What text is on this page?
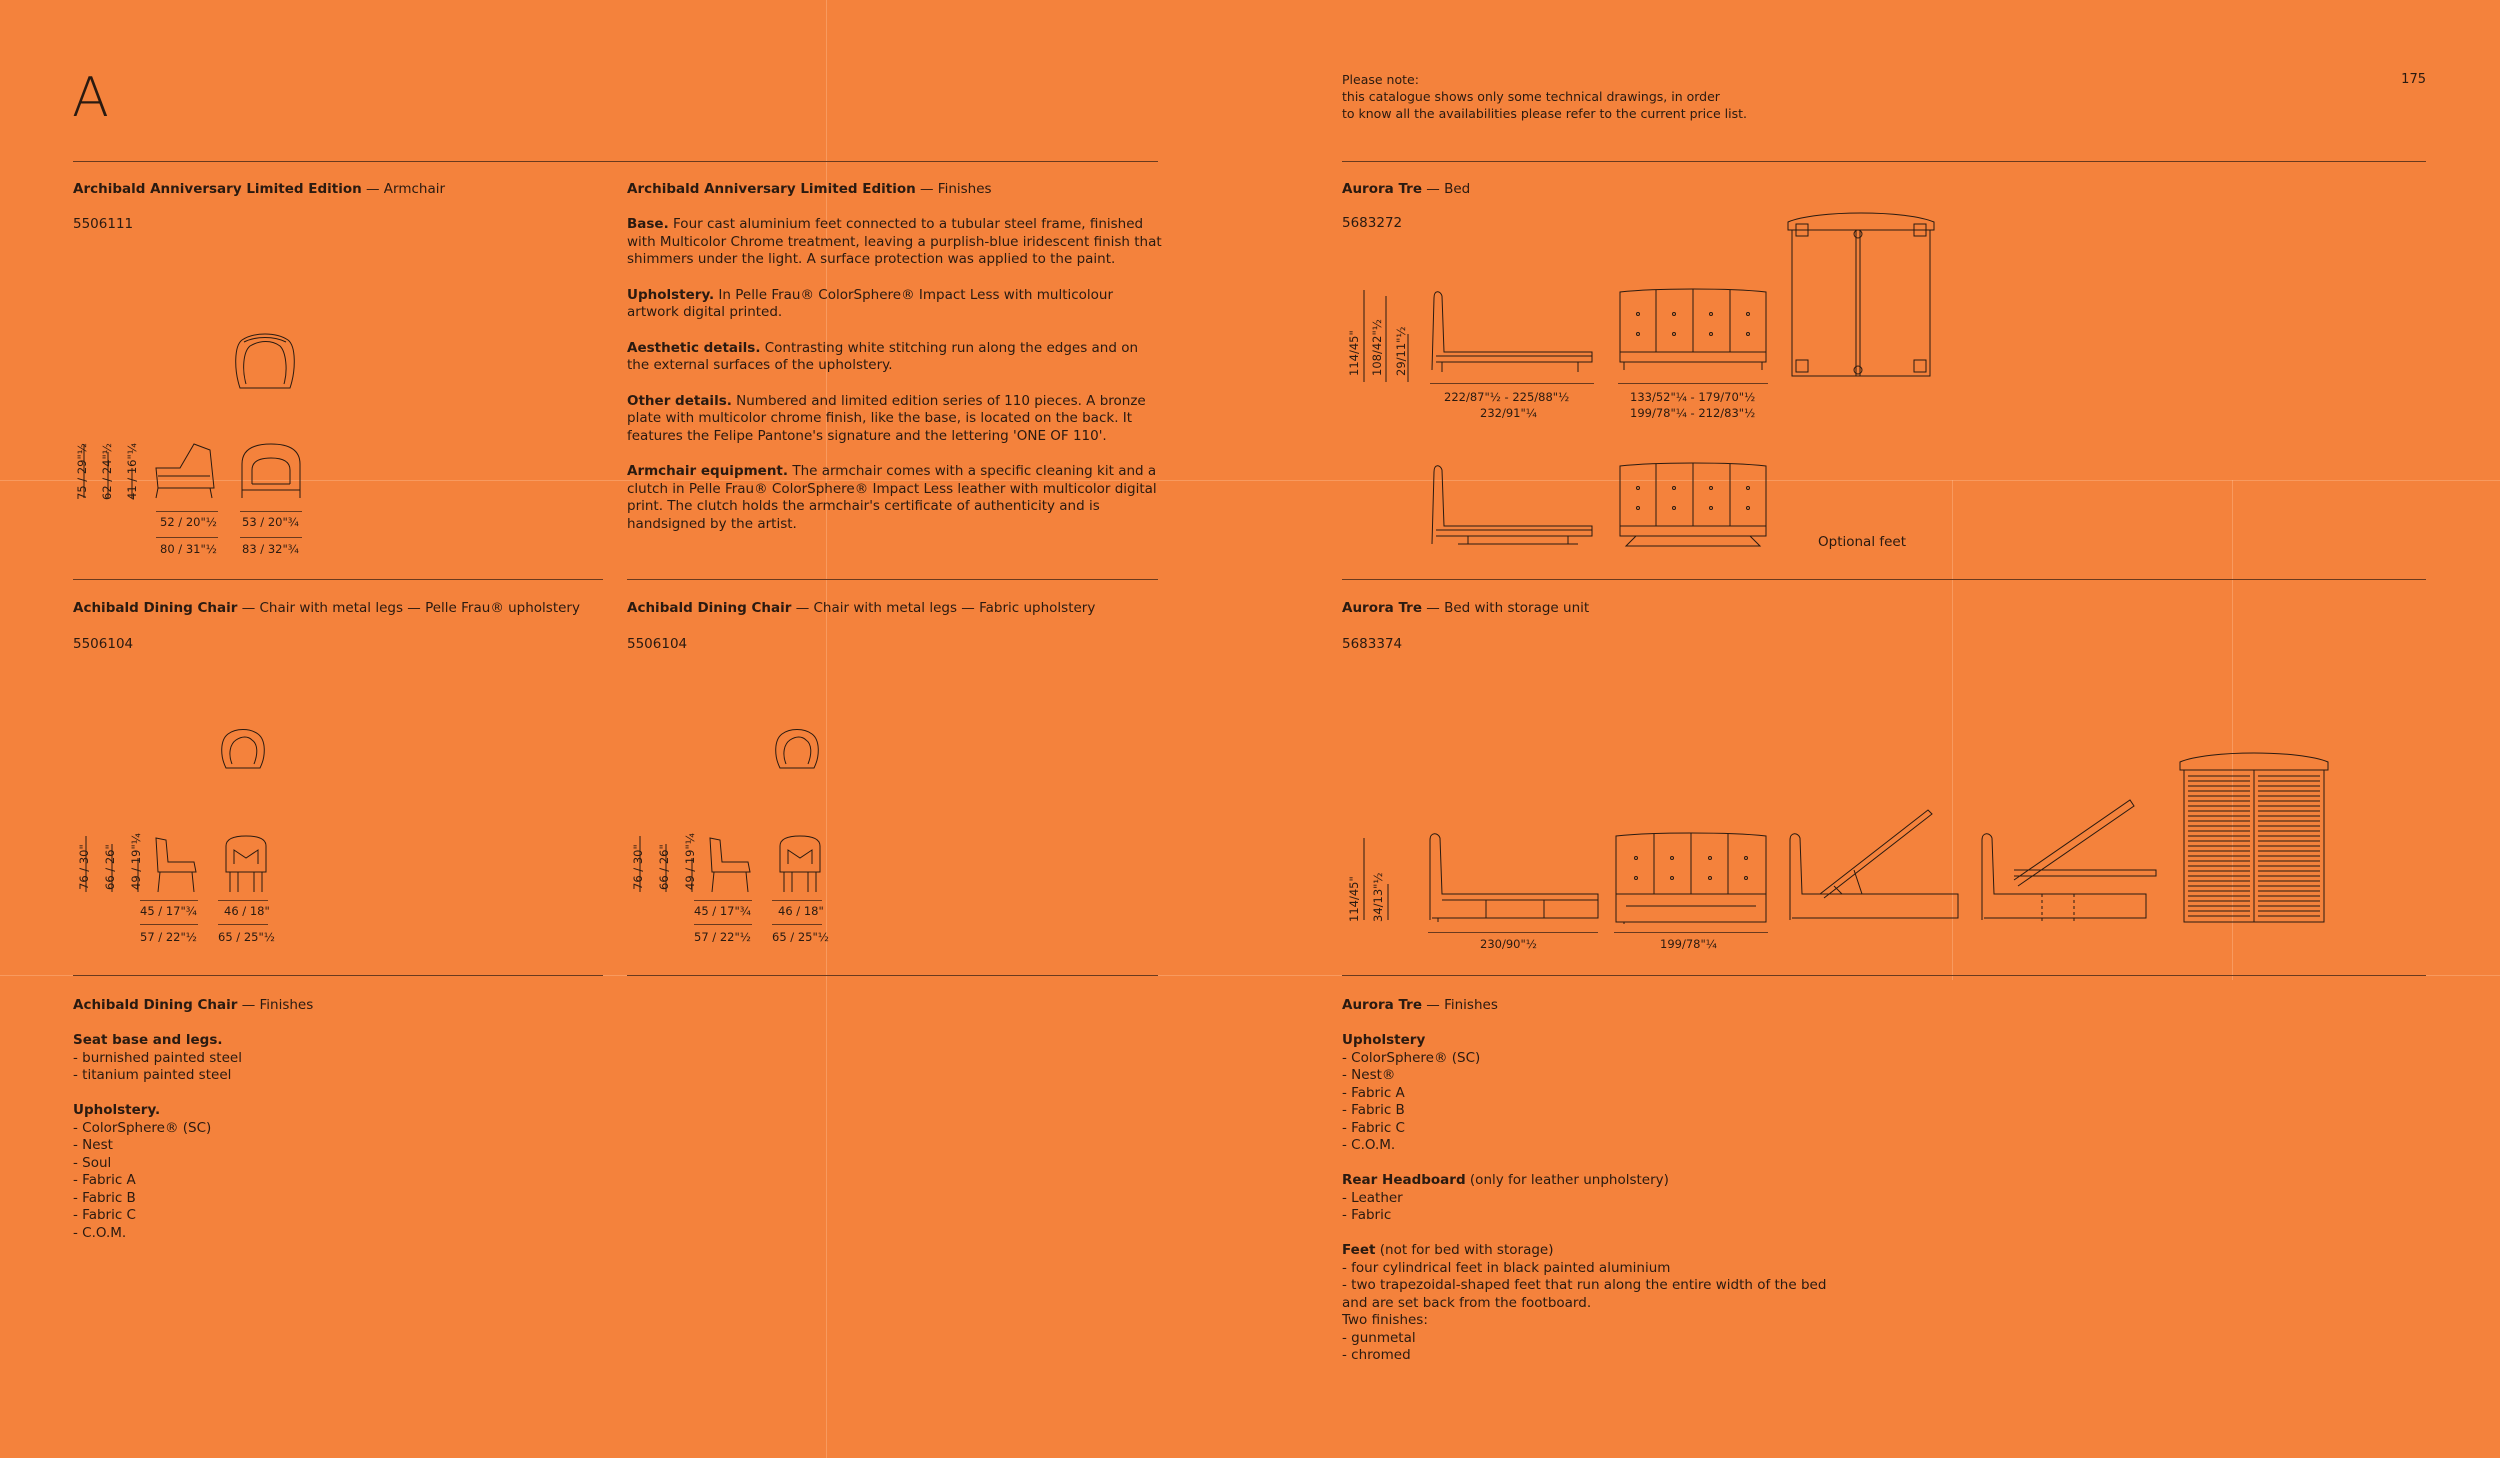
A	Please note:
this catalogue shows only some technical drawings, in order
to know all the availabilities please refer to the current price list.
175
Archibald Anniversary Limited Edition — Armchair
5506111
75 / 29"½ 62 / 24"½ 41 / 16"¼
52 / 20"½ 53 / 20"¾
80 / 31"½ 83 / 32"¾
Archibald Anniversary Limited Edition — Finishes

Base. Four cast aluminium feet connected to a tubular steel frame, finished with Multicolor Chrome treatment, leaving a purplish-blue iridescent finish that shimmers under the light. A surface protection was applied to the paint.

Upholstery. In Pelle Frau® ColorSphere® Impact Less with multicolour artwork digital printed.

Aesthetic details. Contrasting white stitching run along the edges and on the external surfaces of the upholstery.

Other details. Numbered and limited edition series of 110 pieces. A bronze plate with multicolor chrome finish, like the base, is located on the back. It features the Felipe Pantone's signature and the lettering 'ONE OF 110'.

Armchair equipment. The armchair comes with a specific cleaning kit and a clutch in Pelle Frau® ColorSphere® Impact Less leather with multicolor digital print. The clutch holds the armchair's certificate of authenticity and is handsigned by the artist.

Achibald Dining Chair — Chair with metal legs — Pelle Frau® upholstery
5506104
76 / 30" 66 / 26" 49 / 19"¼
45 / 17"¾ 46 / 18"
57 / 22"½ 65 / 25"½
Achibald Dining Chair — Chair with metal legs — Fabric upholstery
5506104
76 / 30" 66 / 26" 49 / 19"¼
45 / 17"¾ 46 / 18"
57 / 22"½ 65 / 25"½
Achibald Dining Chair — Finishes
Seat base and legs.
- burnished painted steel
- titanium painted steel

Upholstery.
- ColorSphere® (SC)
- Nest
- Soul
- Fabric A
- Fabric B
- Fabric C
- C.O.M.
Aurora Tre — Bed
5683272
114/45" 108/42"½ 29/11"½
222/87"½ - 225/88"½
232/91"¼
133/52"¼ - 179/70"½
199/78"¼ - 212/83"½
Optional feet
Aurora Tre — Bed with storage unit
5683374
114/45" 34/13"½
230/90"½	199/78"¼
Aurora Tre — Finishes
Upholstery
- ColorSphere® (SC)
- Nest®
- Fabric A
- Fabric B
- Fabric C
- C.O.M.

Rear Headboard (only for leather unpholstery)
- Leather
- Fabric

Feet (not for bed with storage)
- four cylindrical feet in black painted aluminium
- two trapezoidal-shaped feet that run along the entire width of the bed
and are set back from the footboard.
Two finishes:
- gunmetal
- chromed
